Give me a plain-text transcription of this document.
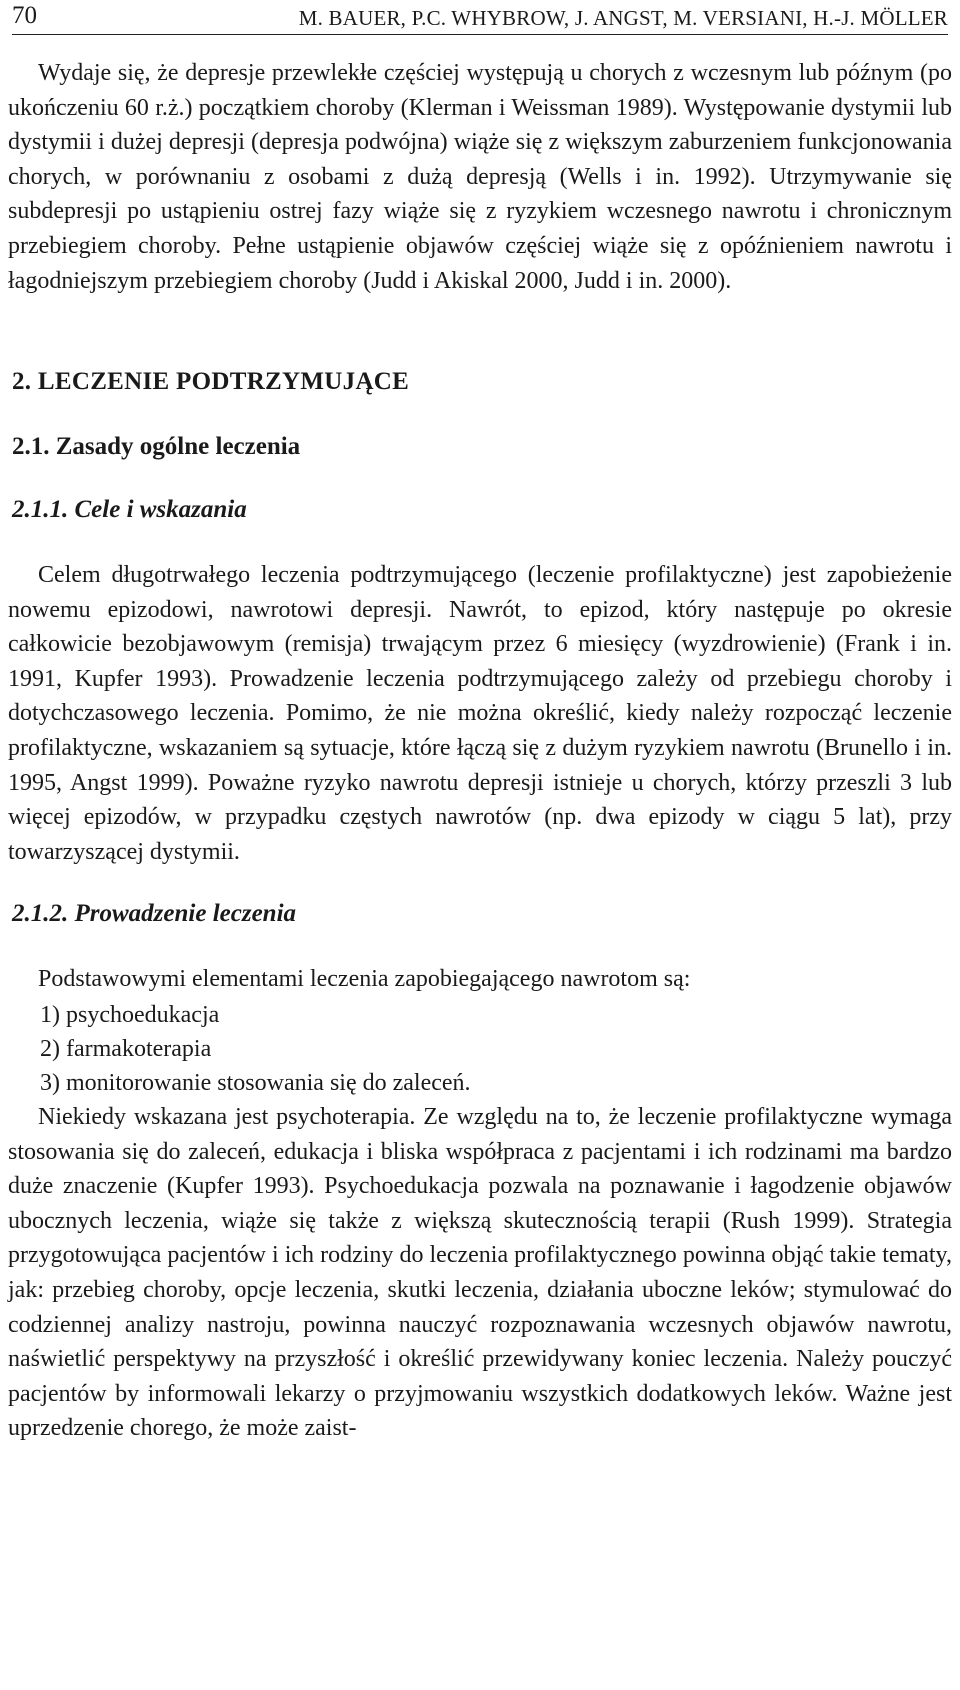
70	M. BAUER, P.C. WHYBROW, J. ANGST, M. VERSIANI, H.-J. MÖLLER

Wydaje się, że depresje przewlekłe częściej występują u chorych z wczesnym lub późnym (po ukończeniu 60 r.ż.) początkiem choroby (Klerman i Weissman 1989). Występowanie dystymii lub dystymii i dużej depresji (depresja podwójna) wiąże się z większym zaburzeniem funkcjonowania chorych, w porównaniu z osobami z dużą depresją (Wells i in. 1992). Utrzymywanie się subdepresji po ustąpieniu ostrej fazy wiąże się z ryzykiem wczesnego nawrotu i chronicznym przebiegiem choroby. Pełne ustąpienie objawów częściej wiąże się z opóźnieniem nawrotu i łagodniejszym przebiegiem choroby (Judd i Akiskal 2000, Judd i in. 2000).

2. LECZENIE PODTRZYMUJĄCE
2.1. Zasady ogólne leczenia
2.1.1. Cele i wskazania

Celem długotrwałego leczenia podtrzymującego (leczenie profilaktyczne) jest zapobieżenie nowemu epizodowi, nawrotowi depresji. Nawrót, to epizod, który następuje po okresie całkowicie bezobjawowym (remisja) trwającym przez 6 miesięcy (wyzdrowienie) (Frank i in. 1991, Kupfer 1993). Prowadzenie leczenia podtrzymującego zależy od przebiegu choroby i dotychczasowego leczenia. Pomimo, że nie można określić, kiedy należy rozpocząć leczenie profilaktyczne, wskazaniem są sytuacje, które łączą się z dużym ryzykiem nawrotu (Brunello i in. 1995, Angst 1999). Poważne ryzyko nawrotu depresji istnieje u chorych, którzy przeszli 3 lub więcej epizodów, w przypadku częstych nawrotów (np. dwa epizody w ciągu 5 lat), przy towarzyszącej dystymii.

2.1.2. Prowadzenie leczenia

Podstawowymi elementami leczenia zapobiegającego nawrotom są:

1) psychoedukacja
2) farmakoterapia
3) monitorowanie stosowania się do zaleceń.

Niekiedy wskazana jest psychoterapia. Ze względu na to, że leczenie profilaktyczne wymaga stosowania się do zaleceń, edukacja i bliska współpraca z pacjentami i ich rodzinami ma bardzo duże znaczenie (Kupfer 1993). Psychoedukacja pozwala na poznawanie i łagodzenie objawów ubocznych leczenia, wiąże się także z większą skutecznością terapii (Rush 1999). Strategia przygotowująca pacjentów i ich rodziny do leczenia profilaktycznego powinna objąć takie tematy, jak: przebieg choroby, opcje leczenia, skutki leczenia, działania uboczne leków; stymulować do codziennej analizy nastroju, powinna nauczyć rozpoznawania wczesnych objawów nawrotu, naświetlić perspektywy na przyszłość i określić przewidywany koniec leczenia. Należy pouczyć pacjentów by informowali lekarzy o przyjmowaniu wszystkich dodatkowych leków. Ważne jest uprzedzenie chorego, że może zaist-
